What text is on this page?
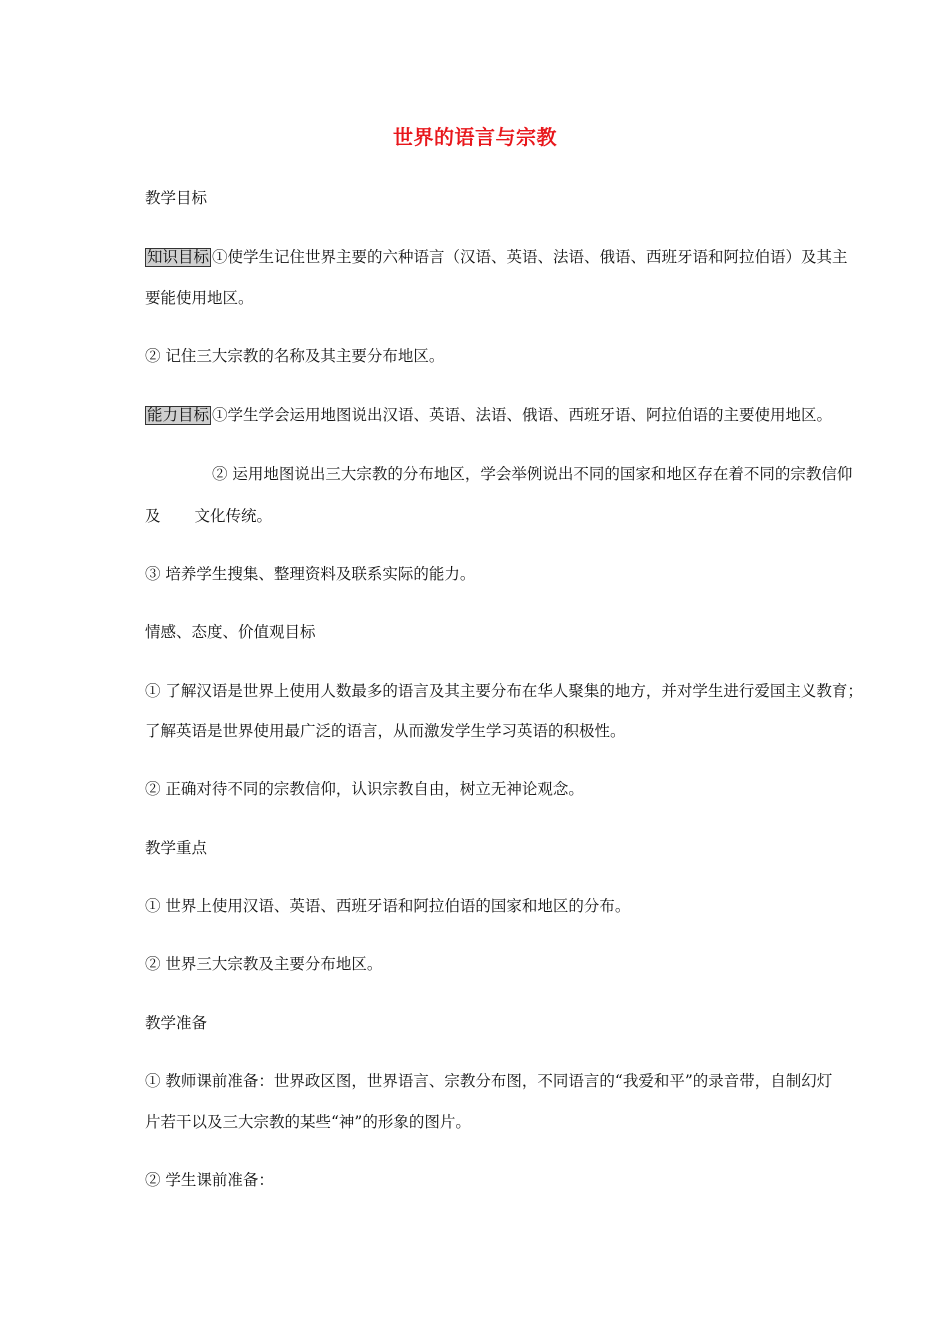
世界的语言与宗教
教学目标
知识目标 ①使学生记住世界主要的六种语言（汉语、英语、法语、俄语、西班牙语和阿拉伯语）及其主
要能使用地区。
② 记住三大宗教的名称及其主要分布地区。
能力目标 ①学生学会运用地图说出汉语、英语、法语、俄语、西班牙语、阿拉伯语的主要使用地区。
② 运用地图说出三大宗教的分布地区，学会举例说出不同的国家和地区存在着不同的宗教信仰
及 文化传统。
③ 培养学生搜集、整理资料及联系实际的能力。
情感、态度、价值观目标
① 了解汉语是世界上使用人数最多的语言及其主要分布在华人聚集的地方，并对学生进行爱国主义教育；
了解英语是世界使用最广泛的语言，从而激发学生学习英语的积极性。
② 正确对待不同的宗教信仰，认识宗教自由，树立无神论观念。
教学重点
① 世界上使用汉语、英语、西班牙语和阿拉伯语的国家和地区的分布。
② 世界三大宗教及主要分布地区。
教学准备
① 教师课前准备：世界政区图，世界语言、宗教分布图，不同语言的“我爱和平”的录音带，自制幻灯
片若干以及三大宗教的某些“神”的形象的图片。
② 学生课前准备：
